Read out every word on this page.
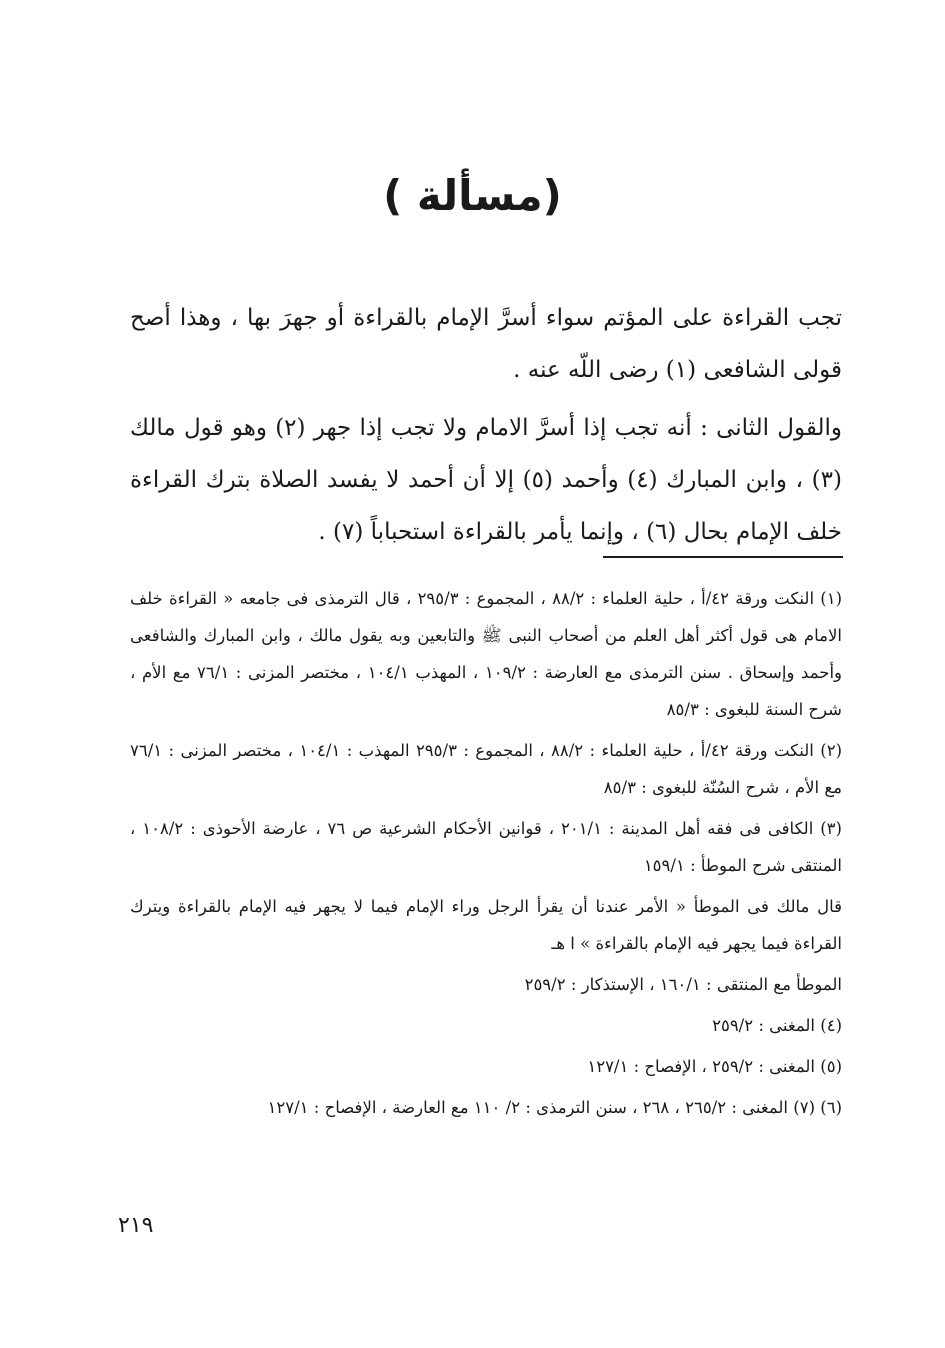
(مسألة )

تجب القراءة على المؤتم سواء أسرَّ الإمام بالقراءة أو جهرَ بها ، وهذا أصح قولى الشافعى (١) رضى اللّه عنه .

والقول الثانى : أنه تجب إذا أسرَّ الامام ولا تجب إذا جهر (٢) وهو قول مالك (٣) ، وابن المبارك (٤) وأحمد (٥) إلا أن أحمد لا يفسد الصلاة بترك القراءة خلف الإمام بحال (٦) ، وإنما يأمر بالقراءة استحباباً (٧) .

(١) النكت ورقة ٤٢/أ ، حلية العلماء : ٨٨/٢ ، المجموع : ٢٩٥/٣ ، قال الترمذى فى جامعه « القراءة خلف الامام هى قول أكثر أهل العلم من أصحاب النبى ﷺ والتابعين وبه يقول مالك ، وابن المبارك والشافعى وأحمد وإسحاق . سنن الترمذى مع العارضة : ١٠٩/٢ ، المهذب ١٠٤/١ ، مختصر المزنى : ٧٦/١ مع الأم ، شرح السنة للبغوى : ٨٥/٣

(٢) النكت ورقة ٤٢/أ ، حلية العلماء : ٨٨/٢ ، المجموع : ٢٩٥/٣ المهذب : ١٠٤/١ ، مختصر المزنى : ٧٦/١ مع الأم ، شرح السُنّة للبغوى : ٨٥/٣

(٣) الكافى فى فقه أهل المدينة : ٢٠١/١ ، قوانين الأحكام الشرعية ص ٧٦ ، عارضة الأحوذى : ١٠٨/٢ ، المنتقى شرح الموطأ : ١٥٩/١

قال مالك فى الموطأ « الأمر عندنا أن يقرأ الرجل وراء الإمام فيما لا يجهر فيه الإمام بالقراءة ويترك القراءة فيما يجهر فيه الإمام بالقراءة » ا هـ

الموطأ مع المنتقى : ١٦٠/١ ، الإستذكار : ٢٥٩/٢

(٤) المغنى : ٢٥٩/٢

(٥) المغنى : ٢٥٩/٢ ، الإفصاح : ١٢٧/١

(٦) (٧) المغنى : ٢٦٥/٢ ، ٢٦٨ ، سنن الترمذى : ٢/ ١١٠ مع العارضة ، الإفصاح : ١٢٧/١

٢١٩
